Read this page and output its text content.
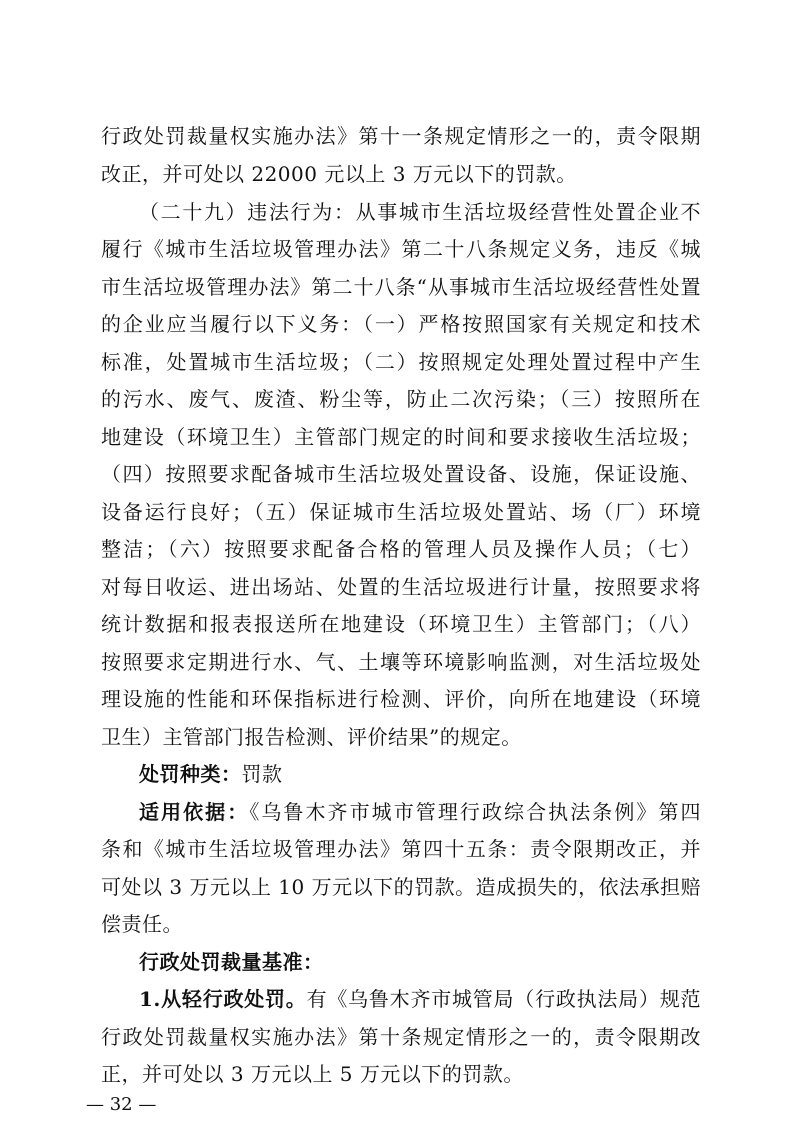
行政处罚裁量权实施办法》第十一条规定情形之一的，责令限期
改正，并可处以 22000 元以上 3 万元以下的罚款。
（二十九）违法行为：从事城市生活垃圾经营性处置企业不
履行《城市生活垃圾管理办法》第二十八条规定义务，违反《城
市生活垃圾管理办法》第二十八条“从事城市生活垃圾经营性处置
的企业应当履行以下义务：（一）严格按照国家有关规定和技术
标准，处置城市生活垃圾；（二）按照规定处理处置过程中产生
的污水、废气、废渣、粉尘等，防止二次污染；（三）按照所在
地建设（环境卫生）主管部门规定的时间和要求接收生活垃圾；
（四）按照要求配备城市生活垃圾处置设备、设施，保证设施、
设备运行良好；（五）保证城市生活垃圾处置站、场（厂）环境
整洁；（六）按照要求配备合格的管理人员及操作人员；（七）
对每日收运、进出场站、处置的生活垃圾进行计量，按照要求将
统计数据和报表报送所在地建设（环境卫生）主管部门；（八）
按照要求定期进行水、气、土壤等环境影响监测，对生活垃圾处
理设施的性能和环保指标进行检测、评价，向所在地建设（环境
卫生）主管部门报告检测、评价结果”的规定。
处罚种类：罚款
适用依据：《乌鲁木齐市城市管理行政综合执法条例》第四
条和《城市生活垃圾管理办法》第四十五条：责令限期改正，并
可处以 3 万元以上 10 万元以下的罚款。造成损失的，依法承担赔
偿责任。
行政处罚裁量基准：
1.从轻行政处罚。有《乌鲁木齐市城管局（行政执法局）规范
行政处罚裁量权实施办法》第十条规定情形之一的，责令限期改
正，并可处以 3 万元以上 5 万元以下的罚款。
— 32 —
